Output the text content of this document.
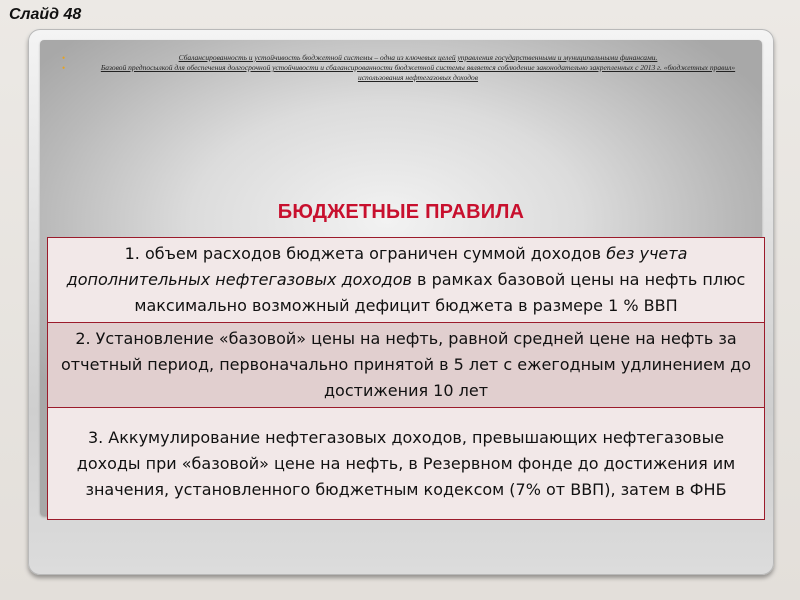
Слайд 48
•	Сбалансированность и устойчивость бюджетной системы – одна из ключевых целей управления государственными и муниципальными финансами.
•	Базовой предпосылкой для обеспечения долгосрочной устойчивости и сбалансированности бюджетной системы является соблюдение законодательно закрепленных с 2013 г. «бюджетных правил» использования нефтегазовых доходов
БЮДЖЕТНЫЕ ПРАВИЛА
1. объем расходов бюджета ограничен суммой доходов без учета дополнительных нефтегазовых доходов в рамках базовой цены на нефть плюс максимально возможный дефицит бюджета в размере 1 % ВВП
2. Установление «базовой» цены на нефть, равной средней цене на нефть за отчетный период, первоначально принятой в 5 лет с ежегодным удлинением до достижения 10 лет
3. Аккумулирование нефтегазовых доходов, превышающих нефтегазовые доходы при «базовой» цене на нефть, в Резервном фонде до достижения им значения, установленного бюджетным кодексом (7% от ВВП), затем в ФНБ
